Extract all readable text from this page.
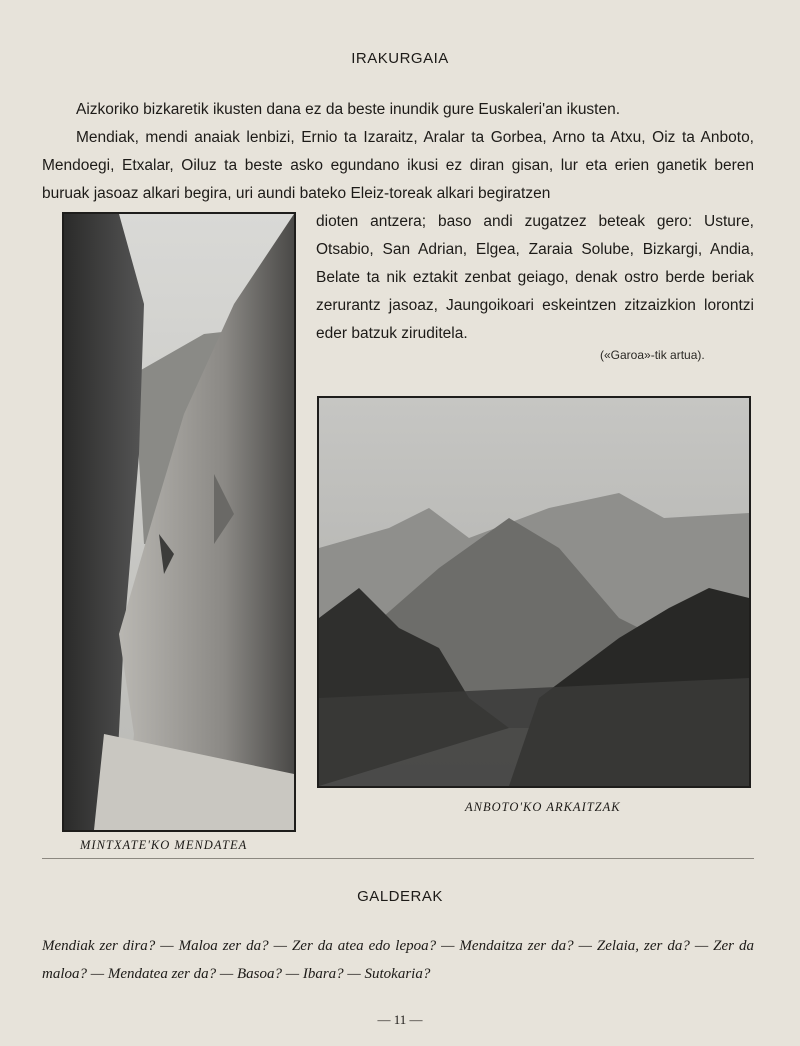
IRAKURGAIA
Aizkoriko bizkaretik ikusten dana ez da beste inundik gure Euskaleri'an ikusten.
Mendiak, mendi anaiak lenbizi, Ernio ta Izaraitz, Aralar ta Gorbea, Arno ta Atxu, Oiz ta Anboto, Mendoegi, Etxalar, Oiluz ta beste asko egundano ikusi ez diran gisan, lur eta erien ganetik beren buruak jasoaz alkari begira, uri aundi bateko Eleiz-toreak alkari begiratzen
dioten antzera; baso andi zugatzez beteak gero: Usture, Otsabio, San Adrian, Elgea, Zaraia Solube, Bizkargi, Andia, Belate ta nik eztakit zenbat geiago, denak ostro berde beriak zerurantz jasoaz, Jaungoikoari eskeintzen zitzaizkion lorontzi eder batzuk ziruditela.
(«Garoa»-tik artua).
MINTXATE'KO MENDATEA
ANBOTO'KO ARKAITZAK
GALDERAK
Mendiak zer dira? — Maloa zer da? — Zer da atea edo lepoa? — Mendaitza zer da? — Zelaia, zer da? — Zer da maloa? — Mendatea zer da? — Basoa? — Ibara? — Sutokaria?
— 11 —
